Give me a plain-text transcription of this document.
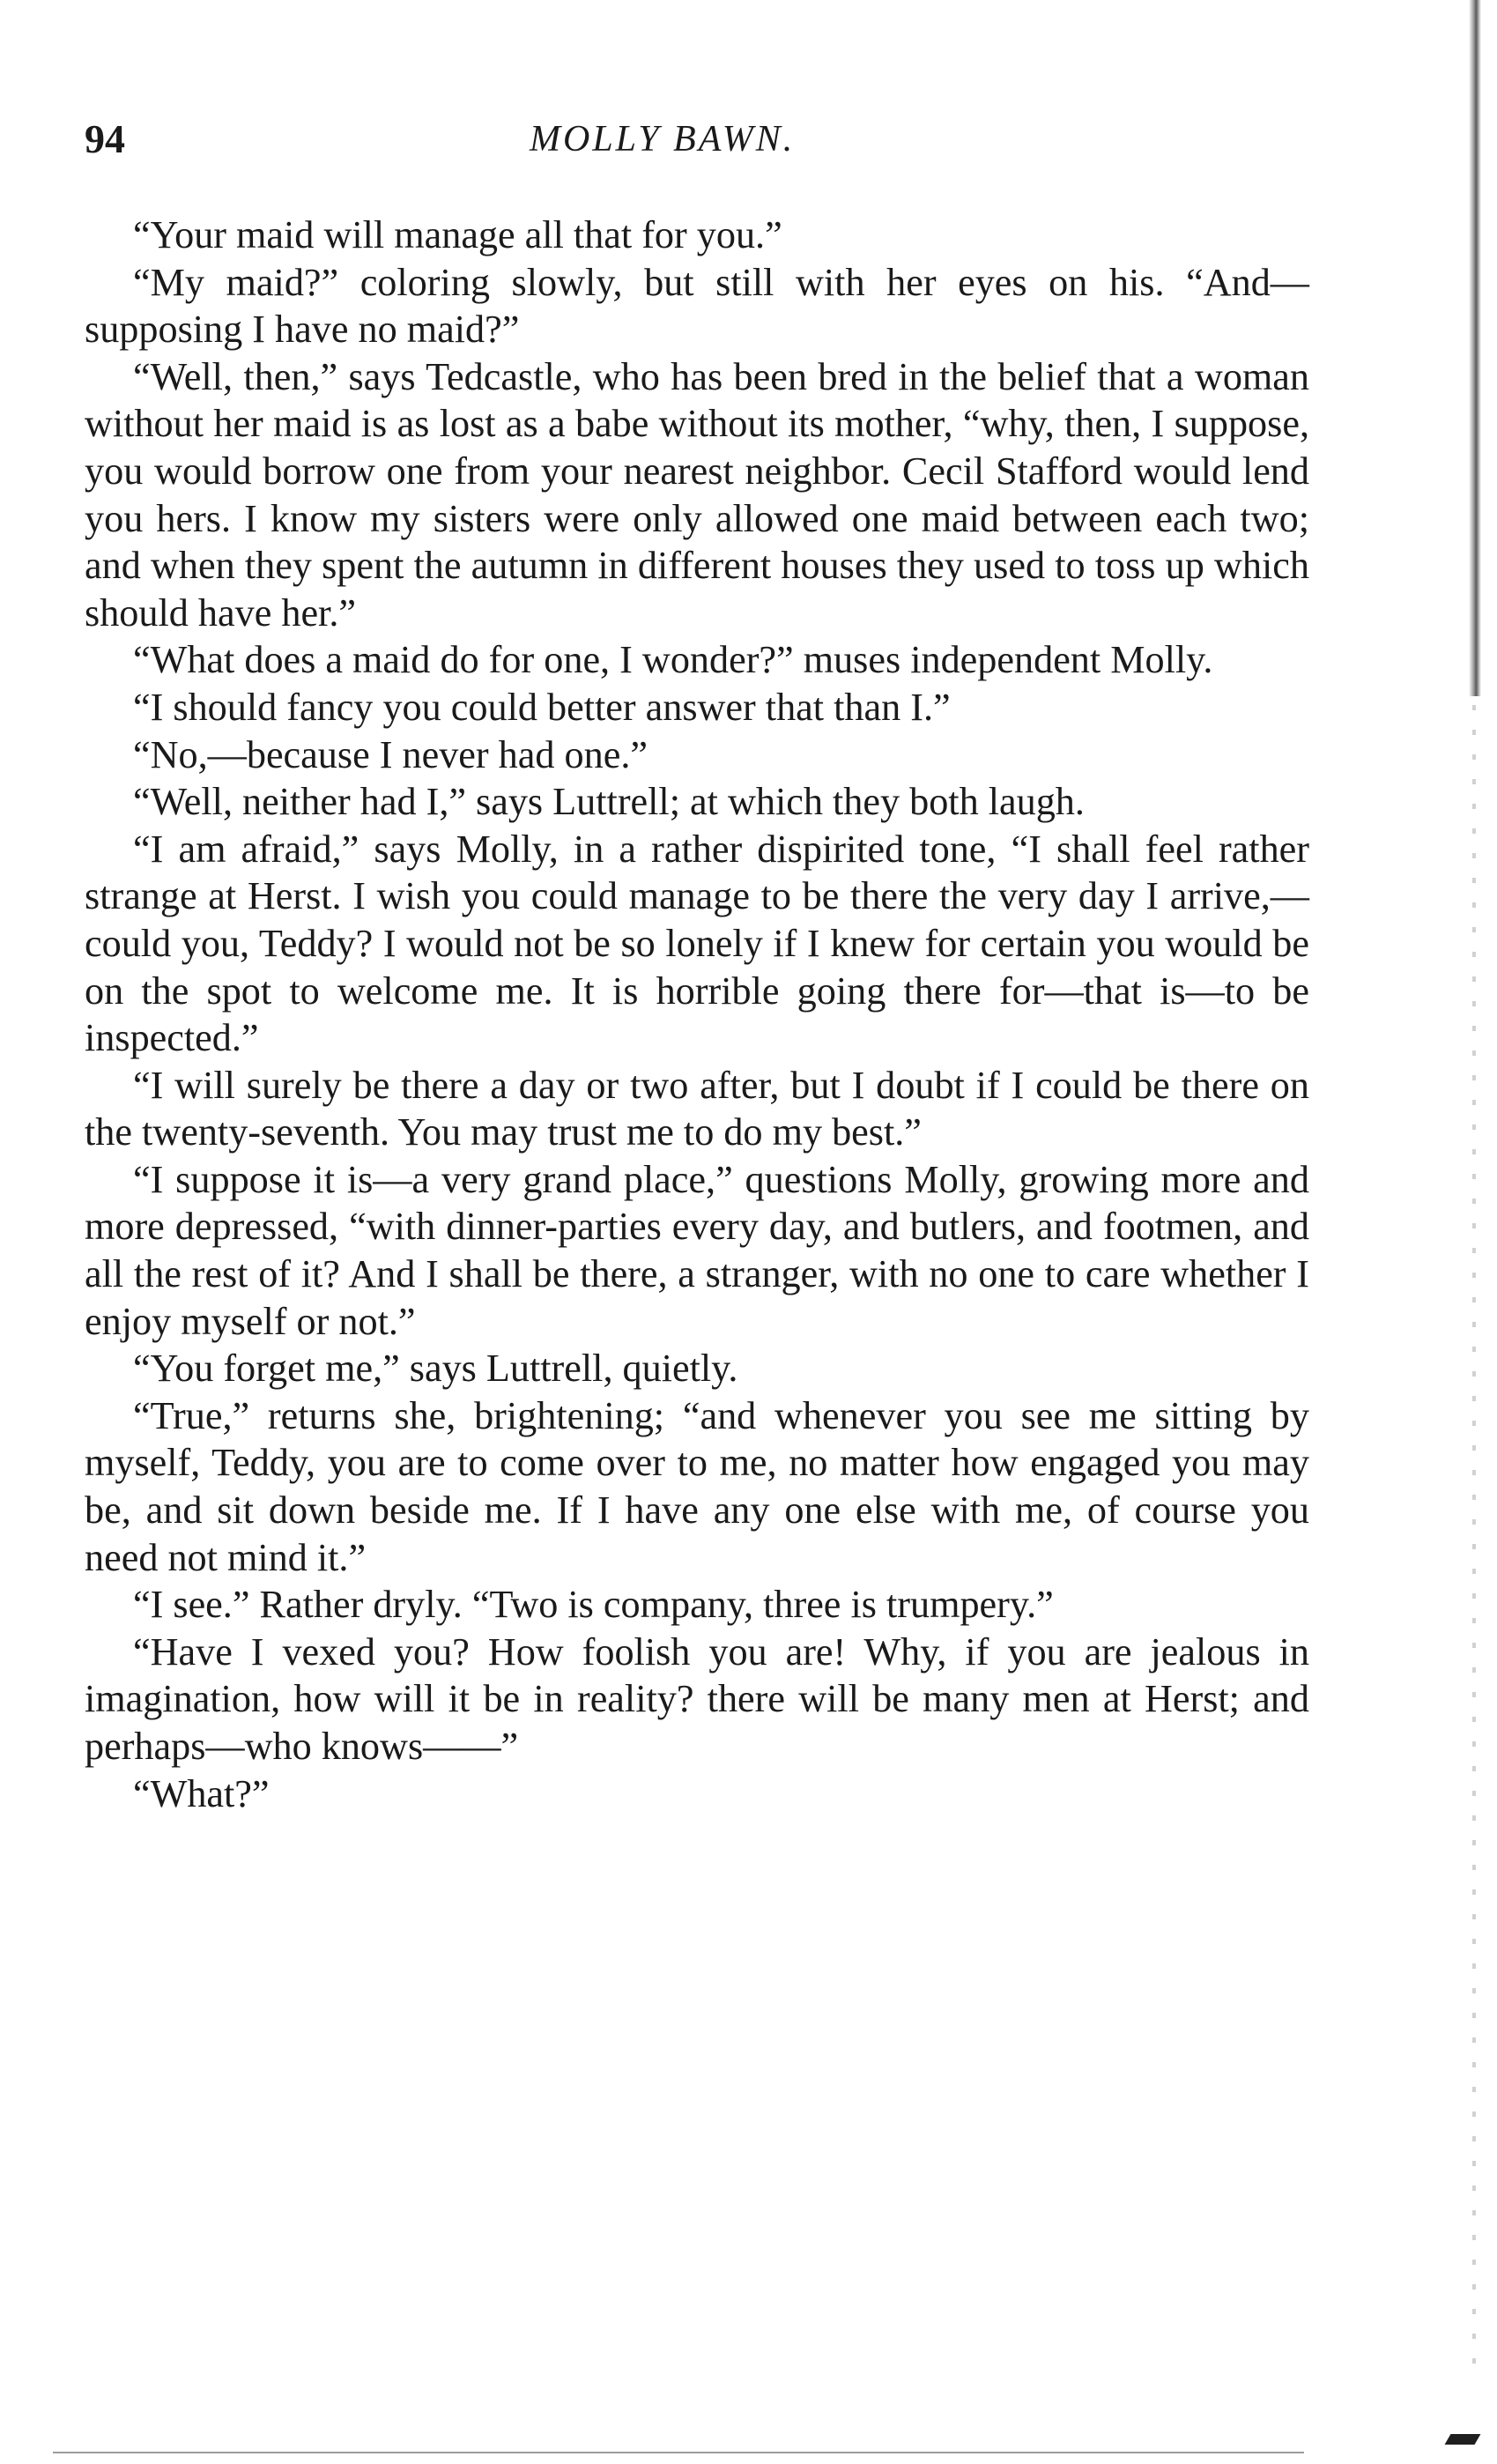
94	MOLLY BAWN.

“Your maid will manage all that for you.”

“My maid?” coloring slowly, but still with her eyes on his. “And—supposing I have no maid?”

“Well, then,” says Tedcastle, who has been bred in the belief that a woman without her maid is as lost as a babe without its mother, “why, then, I suppose, you would borrow one from your nearest neighbor. Cecil Stafford would lend you hers. I know my sisters were only allowed one maid between each two; and when they spent the autumn in different houses they used to toss up which should have her.”

“What does a maid do for one, I wonder?” muses independent Molly.

“I should fancy you could better answer that than I.”

“No,—because I never had one.”

“Well, neither had I,” says Luttrell; at which they both laugh.

“I am afraid,” says Molly, in a rather dispirited tone, “I shall feel rather strange at Herst. I wish you could manage to be there the very day I arrive,—could you, Teddy? I would not be so lonely if I knew for certain you would be on the spot to welcome me. It is horrible going there for—that is—to be inspected.”

“I will surely be there a day or two after, but I doubt if I could be there on the twenty-seventh. You may trust me to do my best.”

“I suppose it is—a very grand place,” questions Molly, growing more and more depressed, “with dinner-parties every day, and butlers, and footmen, and all the rest of it? And I shall be there, a stranger, with no one to care whether I enjoy myself or not.”

“You forget me,” says Luttrell, quietly.

“True,” returns she, brightening; “and whenever you see me sitting by myself, Teddy, you are to come over to me, no matter how engaged you may be, and sit down beside me. If I have any one else with me, of course you need not mind it.”

“I see.” Rather dryly. “Two is company, three is trumpery.”

“Have I vexed you? How foolish you are! Why, if you are jealous in imagination, how will it be in reality? there will be many men at Herst; and perhaps—who knows——”

“What?”
